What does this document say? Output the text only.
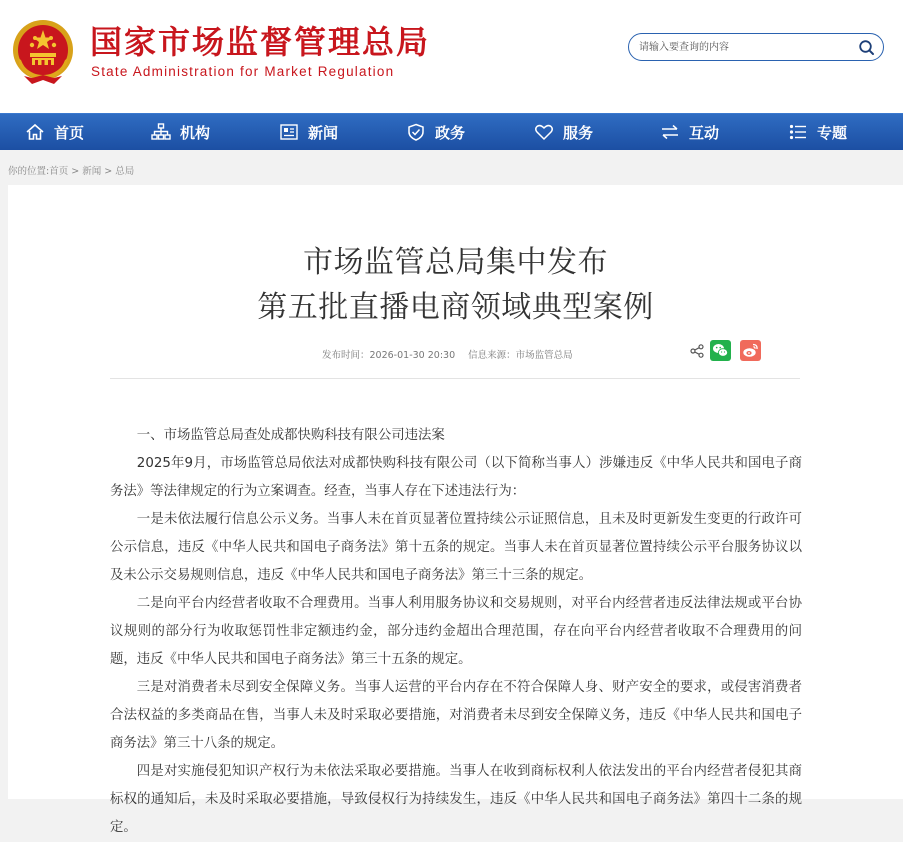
国家市场监督管理总局
State Administration for Market Regulation
请输入要查询的内容
首页	机构	新闻	政务	服务	互动	专题
你的位置:首页 > 新闻 > 总局
市场监管总局集中发布
第五批直播电商领域典型案例
发布时间：2026-01-30 20:30 信息来源：市场监管总局

一、市场监管总局查处成都快购科技有限公司违法案

2025年9月，市场监管总局依法对成都快购科技有限公司（以下简称当事人）涉嫌违反《中华人民共和国电子商务法》等法律规定的行为立案调查。经查，当事人存在下述违法行为：

一是未依法履行信息公示义务。当事人未在首页显著位置持续公示证照信息，且未及时更新发生变更的行政许可公示信息，违反《中华人民共和国电子商务法》第十五条的规定。当事人未在首页显著位置持续公示平台服务协议以及未公示交易规则信息，违反《中华人民共和国电子商务法》第三十三条的规定。

二是向平台内经营者收取不合理费用。当事人利用服务协议和交易规则，对平台内经营者违反法律法规或平台协议规则的部分行为收取惩罚性非定额违约金，部分违约金超出合理范围，存在向平台内经营者收取不合理费用的问题，违反《中华人民共和国电子商务法》第三十五条的规定。

三是对消费者未尽到安全保障义务。当事人运营的平台内存在不符合保障人身、财产安全的要求，或侵害消费者合法权益的多类商品在售，当事人未及时采取必要措施，对消费者未尽到安全保障义务，违反《中华人民共和国电子商务法》第三十八条的规定。

四是对实施侵犯知识产权行为未依法采取必要措施。当事人在收到商标权利人依法发出的平台内经营者侵犯其商标权的通知后，未及时采取必要措施，导致侵权行为持续发生，违反《中华人民共和国电子商务法》第四十二条的规定。
